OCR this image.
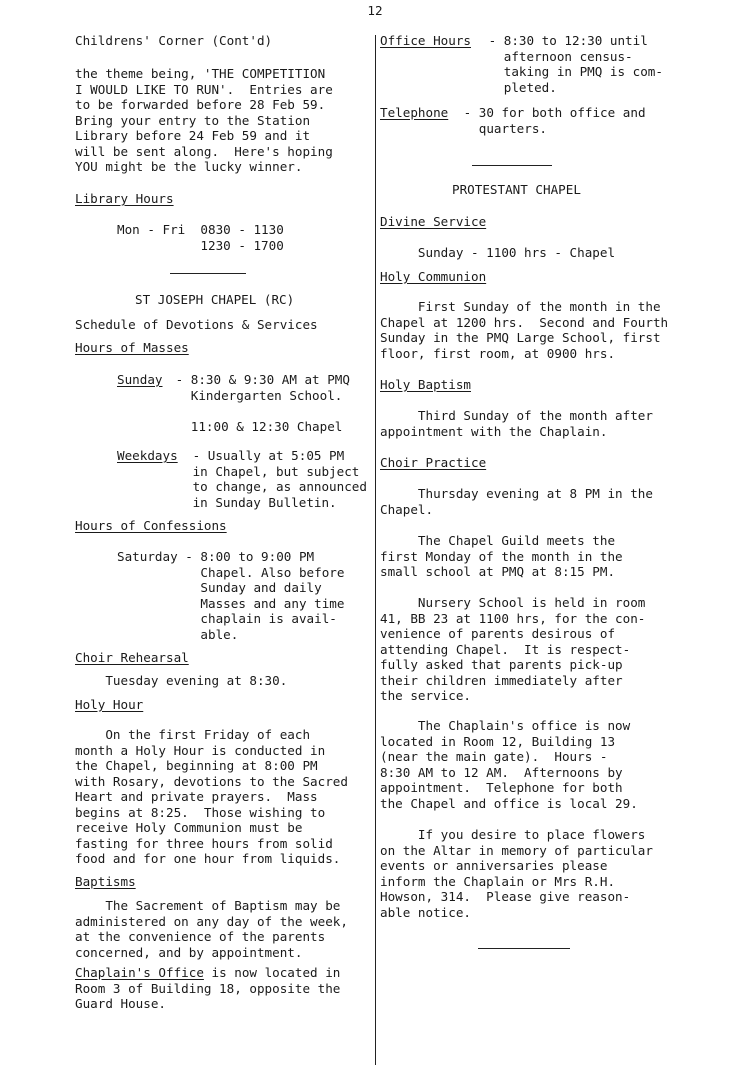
12
Childrens' Corner (Cont'd)
the theme being, 'THE COMPETITION
I WOULD LIKE TO RUN'.  Entries are
to be forwarded before 28 Feb 59.
Bring your entry to the Station
Library before 24 Feb 59 and it
will be sent along.  Here's hoping
YOU might be the lucky winner.
Library Hours
Mon - Fri  0830 - 1130
1230 - 1700
ST JOSEPH CHAPEL (RC)
Schedule of Devotions & Services
Hours of Masses
Sunday	- 8:30 & 9:30 AM at PMQ
Kindergarten School.

11:00 & 12:30 Chapel
Weekdays	- Usually at 5:05 PM
in Chapel, but subject
to change, as announced
in Sunday Bulletin.
Hours of Confessions
Saturday - 8:00 to 9:00 PM
Chapel. Also before
Sunday and daily
Masses and any time
chaplain is avail-
able.
Choir Rehearsal
Tuesday evening at 8:30.
Holy Hour
On the first Friday of each
month a Holy Hour is conducted in
the Chapel, beginning at 8:00 PM
with Rosary, devotions to the Sacred
Heart and private prayers.  Mass
begins at 8:25.  Those wishing to
receive Holy Communion must be
fasting for three hours from solid
food and for one hour from liquids.
Baptisms
The Sacrement of Baptism may be
administered on any day of the week,
at the convenience of the parents
concerned, and by appointment.
Chaplain's Office is now located in
Room 3 of Building 18, opposite the
Guard House.
Office Hours	- 8:30 to 12:30 until
afternoon census-
taking in PMQ is com-
pleted.
Telephone	- 30 for both office and
quarters.
PROTESTANT CHAPEL
Divine Service
Sunday - 1100 hrs - Chapel
Holy Communion
First Sunday of the month in the
Chapel at 1200 hrs.  Second and Fourth
Sunday in the PMQ Large School, first
floor, first room, at 0900 hrs.
Holy Baptism
Third Sunday of the month after
appointment with the Chaplain.
Choir Practice
Thursday evening at 8 PM in the
Chapel.
The Chapel Guild meets the
first Monday of the month in the
small school at PMQ at 8:15 PM.
Nursery School is held in room
41, BB 23 at 1100 hrs, for the con-
venience of parents desirous of
attending Chapel.  It is respect-
fully asked that parents pick-up
their children immediately after
the service.
The Chaplain's office is now
located in Room 12, Building 13
(near the main gate).  Hours -
8:30 AM to 12 AM.  Afternoons by
appointment.  Telephone for both
the Chapel and office is local 29.
If you desire to place flowers
on the Altar in memory of particular
events or anniversaries please
inform the Chaplain or Mrs R.H.
Howson, 314.  Please give reason-
able notice.
